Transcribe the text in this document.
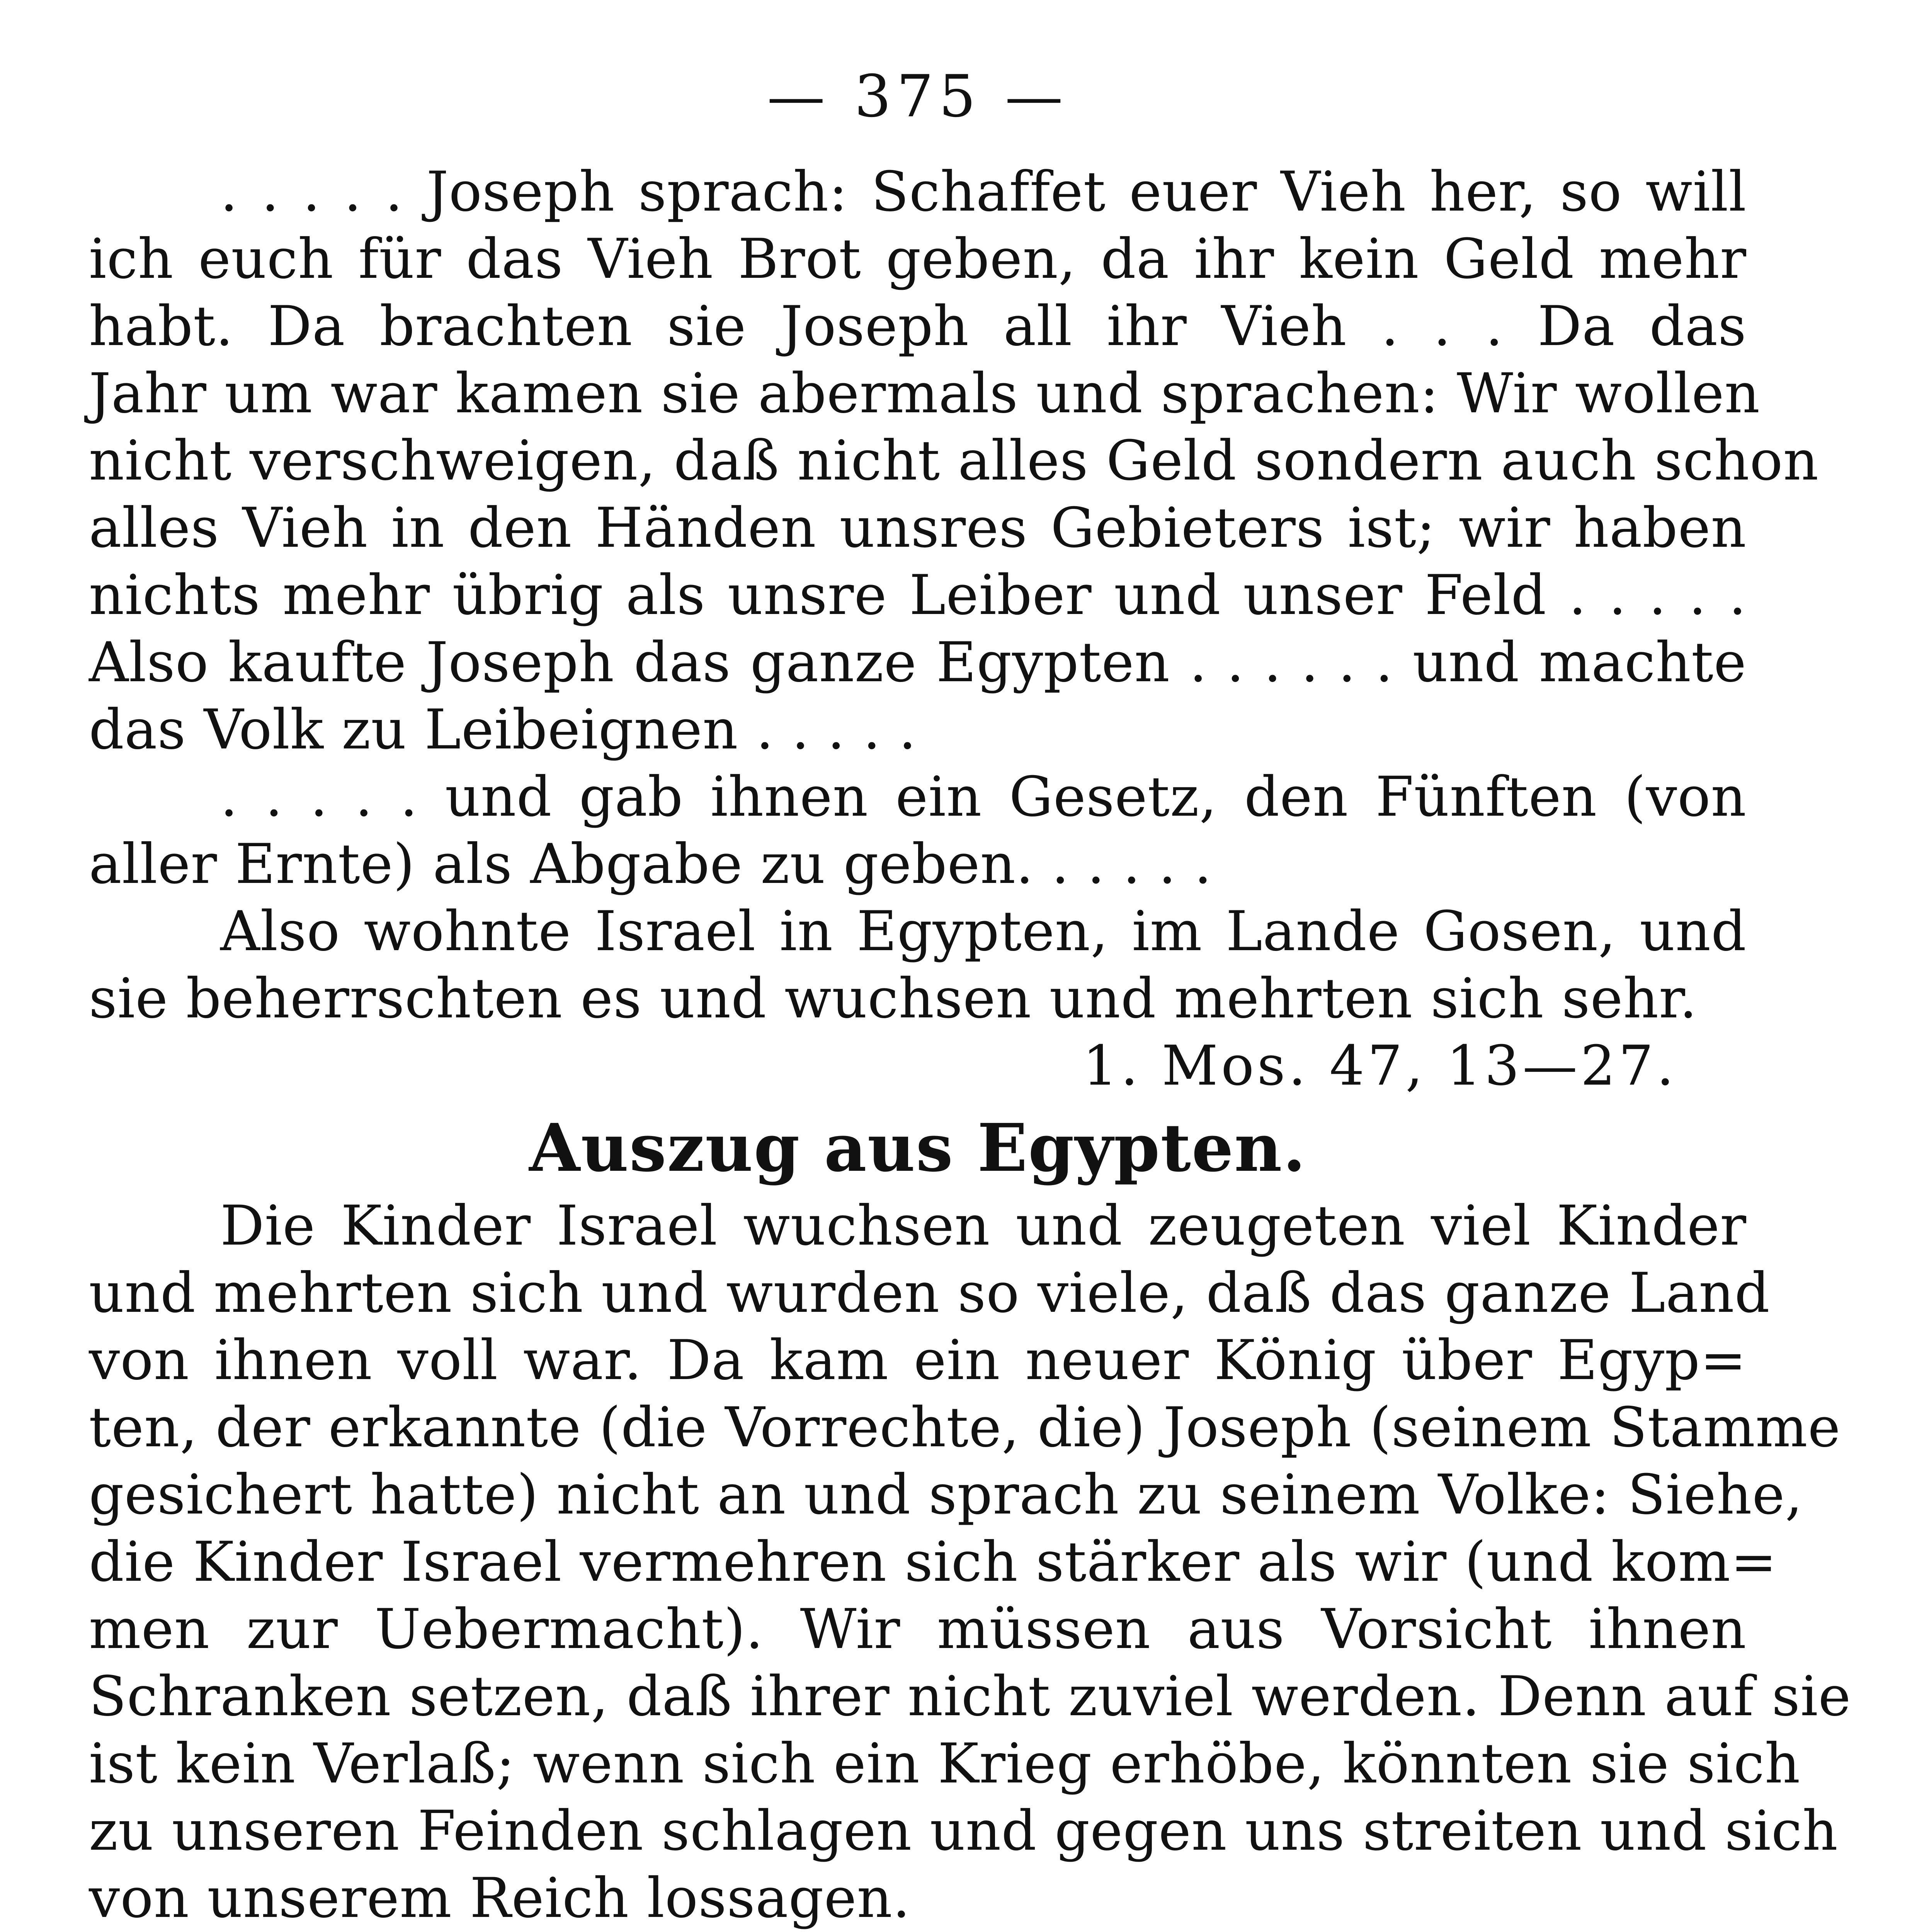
— 375 —
. . . . . Joseph sprach: Schaffet euer Vieh her, so will
ich euch für das Vieh Brot geben, da ihr kein Geld mehr
habt. Da brachten sie Joseph all ihr Vieh . . . Da das
Jahr um war kamen sie abermals und sprachen: Wir wollen
nicht verschweigen, daß nicht alles Geld sondern auch schon
alles Vieh in den Händen unsres Gebieters ist; wir haben
nichts mehr übrig als unsre Leiber und unser Feld . . . . .
Also kaufte Joseph das ganze Egypten . . . . . . und machte
das Volk zu Leibeignen . . . . .
. . . . . und gab ihnen ein Gesetz, den Fünften (von
aller Ernte) als Abgabe zu geben. . . . . .
Also wohnte Israel in Egypten, im Lande Gosen, und
sie beherrschten es und wuchsen und mehrten sich sehr.
1. Mos. 47, 13—27.
Auszug aus Egypten.
Die Kinder Israel wuchsen und zeugeten viel Kinder
und mehrten sich und wurden so viele, daß das ganze Land
von ihnen voll war. Da kam ein neuer König über Egyp=
ten, der erkannte (die Vorrechte, die) Joseph (seinem Stamme
gesichert hatte) nicht an und sprach zu seinem Volke: Siehe,
die Kinder Israel vermehren sich stärker als wir (und kom=
men zur Uebermacht). Wir müssen aus Vorsicht ihnen
Schranken setzen, daß ihrer nicht zuviel werden. Denn auf sie
ist kein Verlaß; wenn sich ein Krieg erhöbe, könnten sie sich
zu unseren Feinden schlagen und gegen uns streiten und sich
von unserem Reich lossagen.
